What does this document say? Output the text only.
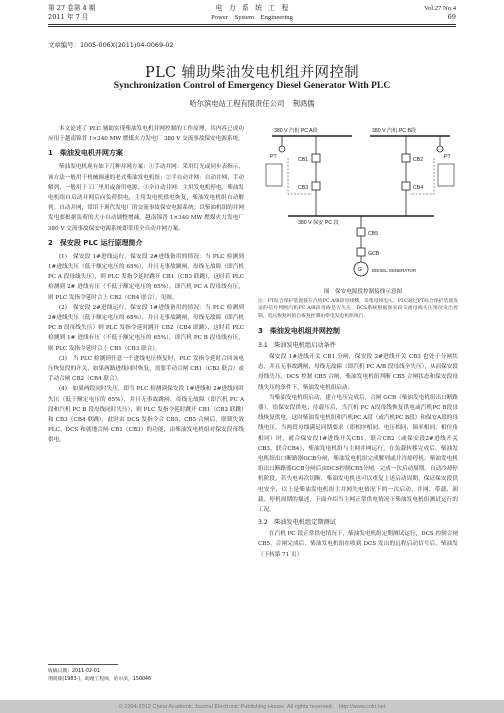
第 27 卷第 4 期
2011 年 7 月
电　力　系　统　工　程
Power　System　Engineering
Vol.27 No.4
69
文章编号：1005-006X(2011)04-0069-02
PLC 辅助柴油发电机组并网控制
Synchronization Control of Emergency Diesel Generator With PLC
哈尔滨电站工程有限责任公司 荆鸿儒

本文论述了 PLC 辅助实现柴油发电机并网控制的工作原理，其内容已成功应用于越南锦普 1×340 MW 燃煤火力发电厂 380 V 交流事故保安电源系统。

1　柴油发电机并网方案

柴油发电机现有如下几种并网方案：①手动并网：采用灯光或同步表指示，该方法一般用于机械调速的老式柴油发电机组；②半自动并网：自动并网，手动解列，一般用于工厂里用或备用电源；③全自动并网：主用发电机停电，柴油发电机组自启动并网后向负荷供电，主用发电机供电恢复，柴油发电机组自动解列。自动并网，常用于现代发电厂的交流事故保安电源系统；以柴油机组的并网发电要根据负荷的大小自动调整增减。越南锦普 1×340 MW 燃煤火力发电厂 380 V 交流事故保安电源系统即采用全自动并网方案。

2　保安段 PLC 运行原理简介

(1)　保安段 1#进线运行，保安段 2#进线备用的情况：当 PLC 检测到 1#进线失压（低于额定电压的 65%），并且无事故跳闸，母线无故障（即汽机 PC A 段母线失压），则 PLC 发指令延时跳开 CB1（CB3 联跳），这时若 PLC 检测到 2# 进线有压（不低于额定电压的 65%），即汽机 PC A 段母线有压，则 PLC 发指令延时合上 CB2（CB4 联合），见图。

(2)　保安段 2#进线运行，保安段 1#进线备用的情况：当 PLC 检测到 2#进线失压（低于额定电压的 65%），并且无事故跳闸，母线无故障（即汽机 PC B 段母线失压）则 PLC 发指令延时跳开 CB2（CB4 联跳），这时若 PLC 检测到 1# 进线有压（不低于额定电压的 65%），即汽机 PC B 段母线有压，则 PLC 发指令延时合上 CB1（CB3 联合）。

(3)　当 PLC 检测到任意一个进线电压恢复时，PLC 发指令延时合回该电压恢复段的开关，如果两路进线同时恢复，需要手动合闸 CB1（CB3 联合）或手动合闸 CB2（CB4 联合）。

(4)　如果两段同时失压，即当 PLC 检测到保安段 1#进线和 2#进线同时失压（低于额定电压的 65%），并且无事故跳闸，母线无故障（即汽机 PC A 段和汽机 PC B 段母线同时失压），则 PLC 发指令延时跳开 CB1（CB2 联跳）和 CB3（CB4 联跳），此时由 DCS 发指令合 CB5，CB5 合闸后，联锁失效 PLC、DCS 和就地合闸 CB1（CB3）的功能，由柴油发电机组对保安段母线供电。

380 V 汽机 PC A段	380 V 汽机 PC B段
PT	PT
CB1
CB3
CB2
CB4
CB5
GCB
380 V 保安 PC 段
G DIESEL GENERATOR
图　保安电源段控制接线示意图
注：PT综合保护装置接在汽机PC A/B段母线侧，采集母线电压。PLC通过PT综合保护装置发送的信号判断汽机PC A/B段母线是否失压，DCS系统根据保安段交流母线失压情况发出控制，电压恢复时的自恢复控制由柴电发电机组执行。
3　柴油发电机组并网控制
3.1　柴油发电机组启动条件

保安段 1#进线开关 CB1 分闸，保安段 2#进线开关 CB3 也处于分闸状态，并且无事故跳闸，母线无故障（即汽机 PC A/B 段母线全失压），从而保安段母线失压，DCS 控制 CB5 合闸，柴油发电机组判断 CB5 合闸状态和保安段母线失压的条件下，柴油发电机组启动。

当柴油发电机组启动，建立电压完成后，合闸 GCB（柴油发电机组出口断路器），给保安段供电；待载压后，当汽机 PC A段母线恢复供电或汽机PC B段母线恢复供电，这时柴油发电机组和汽机PC A段（或汽机PC B段）和保安A段的母线电压，当两段母线满足同期要求（即相序相同、电压相同、频率相同，相位角相同）时，就合保安段1#进线开关CB1，联合CB2（或保安段2#进线开关CB3，联合CB4），柴油发电机组与主网并网运行，在负载转移完成后，柴油发电机组出口断路器GCB分闸，柴油发电机组完成解列或并冷却停机。柴油发电机组出口断路器GCB分闸后由DCS控制CB5分闸，完成一次启动周期。自动冷却停机阶段，若失电再次切断，柴油发电机也可以重复上述启动周期，保证保安段供电安全，以上是柴油发电机组主并网失电情况下的一次启动、并网、带载、卸载、停机周期的描述，下面介绍当主网正常供电情况下柴油发电机组测试运行的工况。

3.2　柴油发电机组定期测试

在汽机 PC 段正常供电情况下，柴油发电机组定期测试运行，DCS 控制合闸 CB5，合闸完成后，柴油发电机组在收到 DCS 发出的远程启动信号后，柴油发（下转第 71 页）

收稿日期：2011-02-01
荆鸿儒(1983-)，助理工程师，哈尔滨，150046
© 1994-2012 China Academic Journal Electronic Publishing House. All rights reserved.　http://www.cnki.net
